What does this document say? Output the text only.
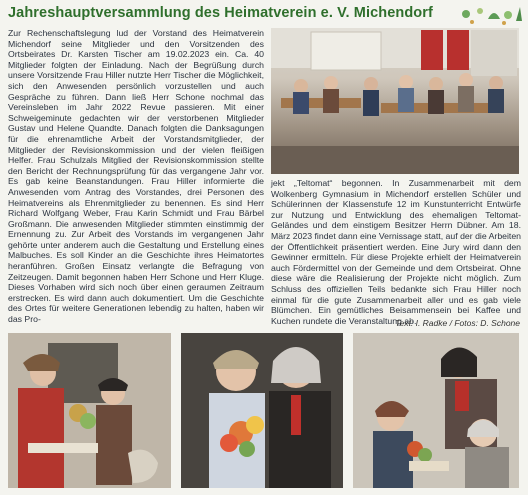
Jahreshauptversammlung des Heimatverein e. V. Michendorf

Zur Rechenschaftslegung lud der Vorstand des Heimatverein Michendorf seine Mitglieder und den Vorsitzenden des Ortsbeirates Dr. Karsten Tischer am 19.02.2023 ein. Ca. 40 Mitglieder folgten der Einladung. Nach der Begrüßung durch unsere Vorsitzende Frau Hiller nutzte Herr Tischer die Möglichkeit, sich den Anwesenden persönlich vorzustellen und auch Gespräche zu führen. Dann ließ Herr Schone nochmal das Vereinsleben im Jahr 2022 Revue passieren. Mit einer Schweigeminute gedachten wir der verstorbenen Mitglieder Gustav und Helene Quandte. Danach folgten die Danksagungen für die ehrenamtliche Arbeit der Vorstandsmitglieder, der Mitglieder der Revisionskommission und der vielen fleißigen Helfer. Frau Schulzals Mitglied der Revisionskommission stellte den Bericht der Rechnungsprüfung für das vergangene Jahr vor. Es gab keine Beanstandungen. Frau Hiller informierte die Anwesenden vom Antrag des Vorstandes, drei Personen des Heimatvereins als Ehrenmitglieder zu benennen. Es sind Herr Richard Wolfgang Weber, Frau Karin Schmidt und Frau Bärbel Großmann. Die anwesenden Mitglieder stimmten einstimmig der Ernennung zu. Zur Arbeit des Vorstands im vergangenen Jahr gehörte unter anderem auch die Gestaltung und Erstellung eines Malbuches. Es soll Kinder an die Geschichte ihres Heimatortes heranführen. Großen Einsatz verlangte die Befragung von Zeitzeugen. Damit begonnen haben Herr Schone und Herr Kluge. Dieses Vorhaben wird sich noch über einen geraumen Zeitraum erstrecken. Es wird dann auch dokumentiert. Um die Geschichte des Ortes für weitere Generationen lebendig zu halten, haben wir das Pro-

jekt „Teltomat“ begonnen. In Zusammenarbeit mit dem Wolkenberg Gymnasium in Michendorf erstellen Schüler und Schülerinnen der Klassenstufe 12 im Kunstunterricht Entwürfe zur Nutzung und Entwicklung des ehemaligen Teltomat-Geländes und dem einstigem Besitzer Herrn Dübner. Am 18. März 2023 findet dann eine Vernissage statt, auf der die Arbeiten der Öffentlichkeit präsentiert werden. Eine Jury wird dann den Gewinner ermitteln. Für diese Projekte erhielt der Heimatverein auch Fördermittel von der Gemeinde und dem Ortsbeirat. Ohne diese wäre die Realisierung der Projekte nicht möglich. Zum Schluss des offiziellen Teils bedankte sich Frau Hiller noch einmal für die gute Zusammenarbeit aller und es gab viele Blümchen. Ein gemütliches Beisammensein bei Kaffee und Kuchen rundete die Veranstaltung ab.

Text: I. Radke / Fotos: D. Schone
